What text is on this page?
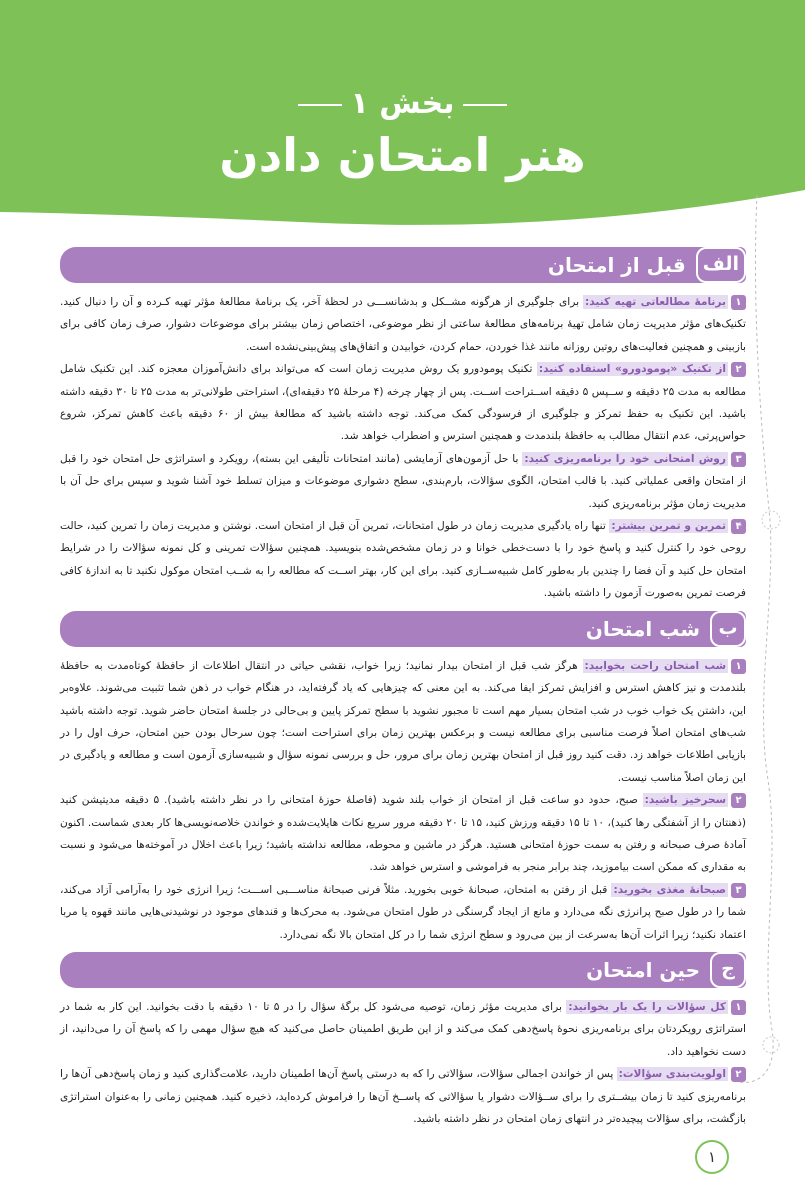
بخش ۱
هنر امتحان دادن
الف
قبل از امتحان

۱برنامهٔ مطالعاتی تهیه کنید: برای جلوگیری از هرگونه مشــکل و بدشانســـی در لحظهٔ آخر، یک برنامهٔ مطالعهٔ مؤثر تهیه کـرده و آن را دنبال کنید. تکنیک‌های مؤثر مدیریت زمان شامل تهیهٔ برنامه‌های مطالعهٔ ساعتی از نظر موضوعی، اختصاص زمان بیشتر برای موضوعات دشوار، صرف زمان کافی برای بازبینی و همچنین فعالیت‌های روتین روزانه مانند غذا خوردن، حمام کردن، خوابیدن و اتفاق‌های پیش‌بینی‌نشده است.

۲از تکنیک «پومودورو» استفاده کنید: تکنیک پومودورو یک روش مدیریت زمان است که می‌تواند برای دانش‌آموزان معجزه کند. این تکنیک شامل مطالعه به مدت ۲۵ دقیقه و ســپس ۵ دقیقه اســتراحت اســت. پس از چهار چرخه (۴ مرحلهٔ ۲۵ دقیقه‌ای)، استراحتی طولانی‌تر به مدت ۲۵ تا ۳۰ دقیقه داشته باشید. این تکنیک به حفظ تمرکز و جلوگیری از فرسودگی کمک می‌کند. توجه داشته باشید که مطالعهٔ بیش از ۶۰ دقیقه باعث کاهش تمرکز، شروع حواس‌پرتی، عدم انتقال مطالب به حافظهٔ بلندمدت و همچنین استرس و اضطراب خواهد شد.

۳روش امتحانی خود را برنامه‌ریزی کنید: با حل آزمون‌های آزمایشی (مانند امتحانات تألیفی این بسته)، رویکرد و استراتژی حل امتحان خود را قبل از امتحان واقعی عملیاتی کنید. با قالب امتحان، الگوی سؤالات، بارم‌بندی، سطح دشواری موضوعات و میزان تسلط خود آشنا شوید و سپس برای حل آن با مدیریت زمان مؤثر برنامه‌ریزی کنید.

۴تمرین و تمرین بیشتر: تنها راه یادگیری مدیریت زمان در طول امتحانات، تمرین آن قبل از امتحان است. نوشتن و مدیریت زمان را تمرین کنید، حالت روحی خود را کنترل کنید و پاسخ خود را با دست‌خطی خوانا و در زمان مشخص‌شده بنویسید. همچنین سؤالات تمرینی و کل نمونه سؤالات را در شرایط امتحان حل کنید و آن فضا را چندین بار به‌طور کامل شبیه‌ســازی کنید. برای این کار، بهتر اســت که مطالعه را به شــب امتحان موکول نکنید تا به اندازهٔ کافی فرصت تمرین به‌صورت آزمون را داشته باشید.

ب
شب امتحان

۱شب امتحان راحت بخوابید: هرگز شب قبل از امتحان بیدار نمانید؛ زیرا خواب، نقشی حیاتی در انتقال اطلاعات از حافظهٔ کوتاه‌مدت به حافظهٔ بلندمدت و نیز کاهش استرس و افزایش تمرکز ایفا می‌کند. به این معنی که چیزهایی که یاد گرفته‌اید، در هنگام خواب در ذهن شما تثبیت می‌شوند. علاوه‌بر این، داشتن یک خواب خوب در شب امتحان بسیار مهم است تا مجبور نشوید با سطح تمرکز پایین و بی‌حالی در جلسهٔ امتحان حاضر شوید. توجه داشته باشید شب‌های امتحان اصلاً فرصت مناسبی برای مطالعه نیست و برعکس بهترین زمان برای استراحت است؛ چون سرحال بودن حین امتحان، حرف اول را در بازیابی اطلاعات خواهد زد. دقت کنید روز قبل از امتحان بهترین زمان برای مرور، حل و بررسی نمونه سؤال و شبیه‌سازی آزمون است و مطالعه و یادگیری در این زمان اصلاً مناسب نیست.

۲سحرخیز باشید: صبح، حدود دو ساعت قبل از امتحان از خواب بلند شوید (فاصلهٔ حوزهٔ امتحانی را در نظر داشته باشید). ۵ دقیقه مدیتیشن کنید (ذهنتان را از آشفتگی رها کنید)، ۱۰ تا ۱۵ دقیقه ورزش کنید، ۱۵ تا ۲۰ دقیقه مرور سریع نکات هایلایت‌شده و خواندن خلاصه‌نویسی‌ها کار بعدی شماست. اکنون آمادهٔ صرف صبحانه و رفتن به سمت حوزهٔ امتحانی هستید. هرگز در ماشین و محوطه، مطالعه نداشته باشید؛ زیرا باعث اخلال در آموخته‌ها می‌شود و نسبت به مقداری که ممکن است بیاموزید، چند برابر منجر به فراموشی و استرس خواهد شد.

۳صبحانهٔ مغذی بخورید: قبل از رفتن به امتحان، صبحانهٔ خوبی بخورید. مثلاً فرنی صبحانهٔ مناســـبی اســـت؛ زیرا انرژی خود را به‌آرامی آزاد می‌کند، شما را در طول صبح پرانرژی نگه می‌دارد و مانع از ایجاد گرسنگی در طول امتحان می‌شود. به محرک‌ها و قندهای موجود در نوشیدنی‌هایی مانند قهوه یا مربا اعتماد نکنید؛ زیرا اثرات آن‌ها به‌سرعت از بین می‌رود و سطح انرژی شما را در کل امتحان بالا نگه نمی‌دارد.

ج
حین امتحان

۱کل سؤالات را یک بار بخوانید: برای مدیریت مؤثر زمان، توصیه می‌شود کل برگهٔ سؤال را در ۵ تا ۱۰ دقیقه با دقت بخوانید. این کار به شما در استراتژی رویکردتان برای برنامه‌ریزی نحوهٔ پاسخ‌دهی کمک می‌کند و از این طریق اطمینان حاصل می‌کنید که هیچ سؤال مهمی را که پاسخ آن را می‌دانید، از دست نخواهید داد.

۲اولویت‌بندی سؤالات: پس از خواندن اجمالی سؤالات، سؤالاتی را که به درستی پاسخ آن‌ها اطمینان دارید، علامت‌گذاری کنید و زمان پاسخ‌دهی آن‌ها را برنامه‌ریزی کنید تا زمان بیشــتری را برای ســؤالات دشوار یا سؤالاتی که پاســخ آن‌ها را فراموش کرده‌اید، ذخیره کنید. همچنین زمانی را به‌عنوان استراتژی بازگشت، برای سؤالات پیچیده‌تر در انتهای زمان امتحان در نظر داشته باشید.

۱
